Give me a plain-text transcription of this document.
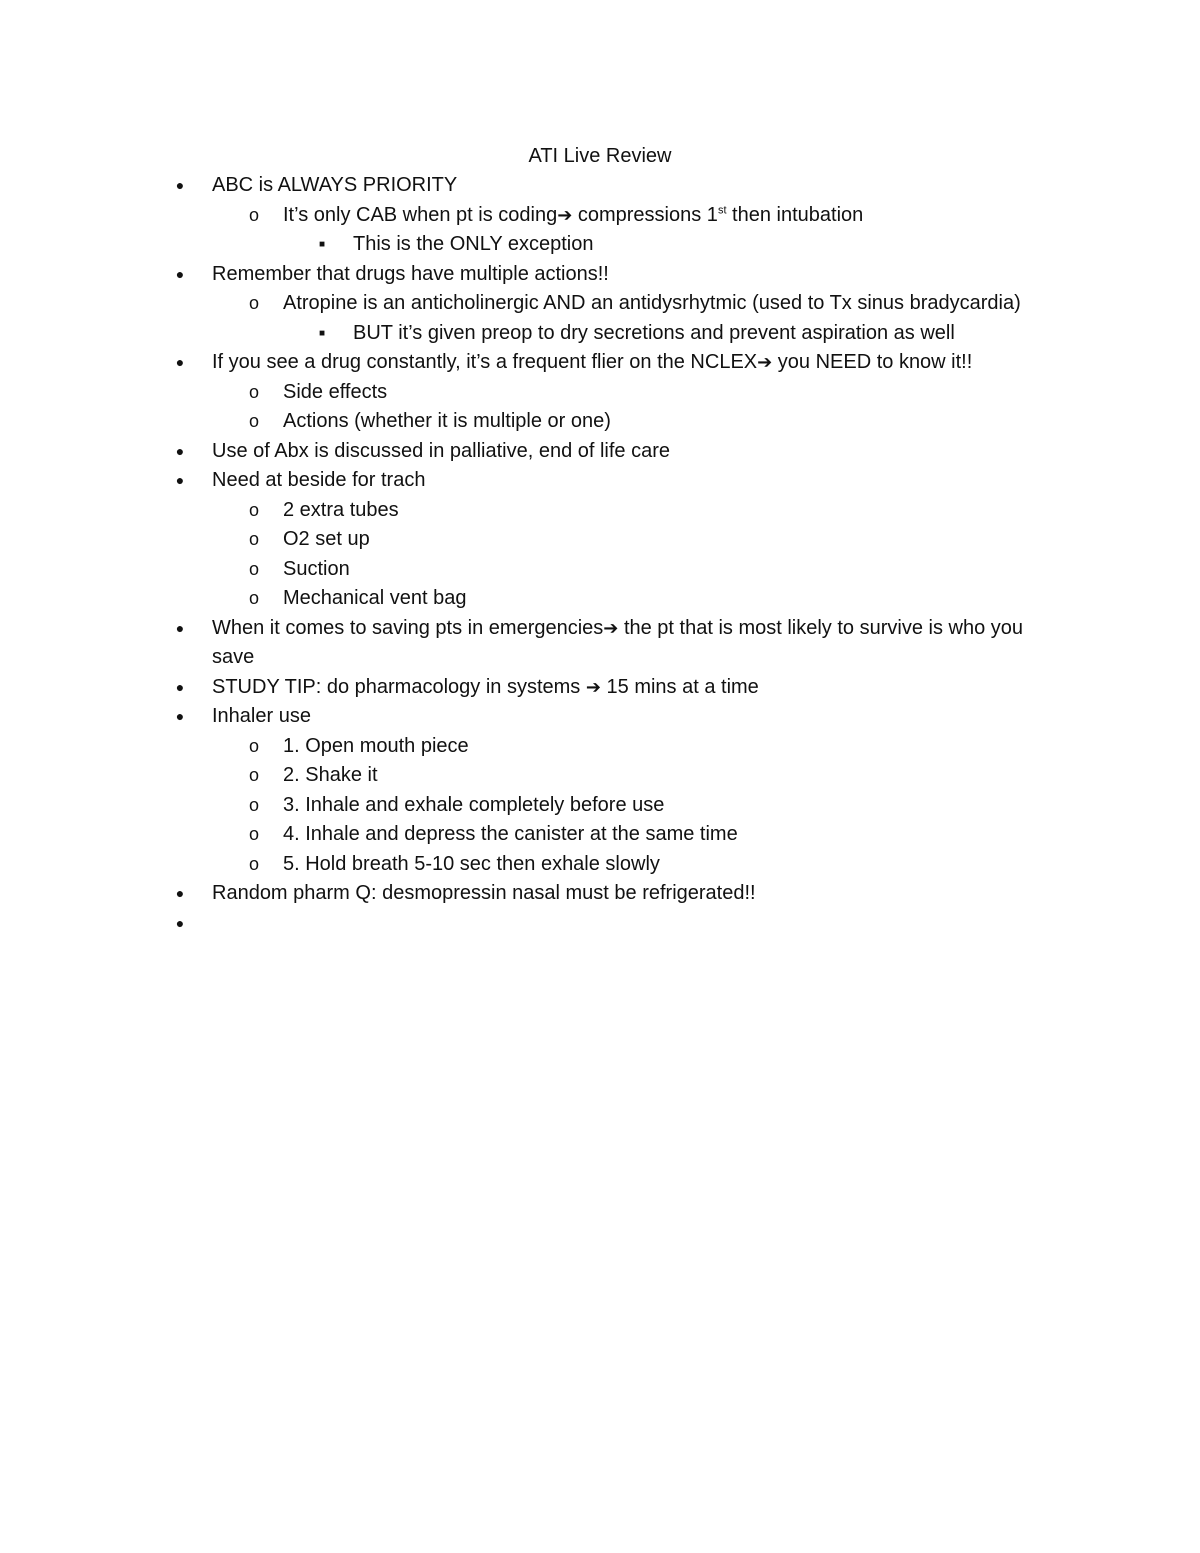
ATI Live Review
● ABC is ALWAYS PRIORITY
o It’s only CAB when pt is coding➔ compressions 1st then intubation
■	This is the ONLY exception
● Remember that drugs have multiple actions!!
o Atropine is an anticholinergic AND an antidysrhytmic (used to Tx sinus bradycardia)
■	BUT it’s given preop to dry secretions and prevent aspiration as well
● If you see a drug constantly, it’s a frequent flier on the NCLEX➔ you NEED to know it!!
o Side effects
o Actions (whether it is multiple or one)
● Use of Abx is discussed in palliative, end of life care
● Need at beside for trach
o 2 extra tubes
o O2 set up
o Suction
o Mechanical vent bag
● When it comes to saving pts in emergencies➔ the pt that is most likely to survive is who you save
● STUDY TIP: do pharmacology in systems ➔ 15 mins at a time
● Inhaler use
o 1. Open mouth piece
o 2. Shake it
o 3. Inhale and exhale completely before use
o 4. Inhale and depress the canister at the same time
o 5. Hold breath 5-10 sec then exhale slowly
● Random pharm Q: desmopressin nasal must be refrigerated!!
●
